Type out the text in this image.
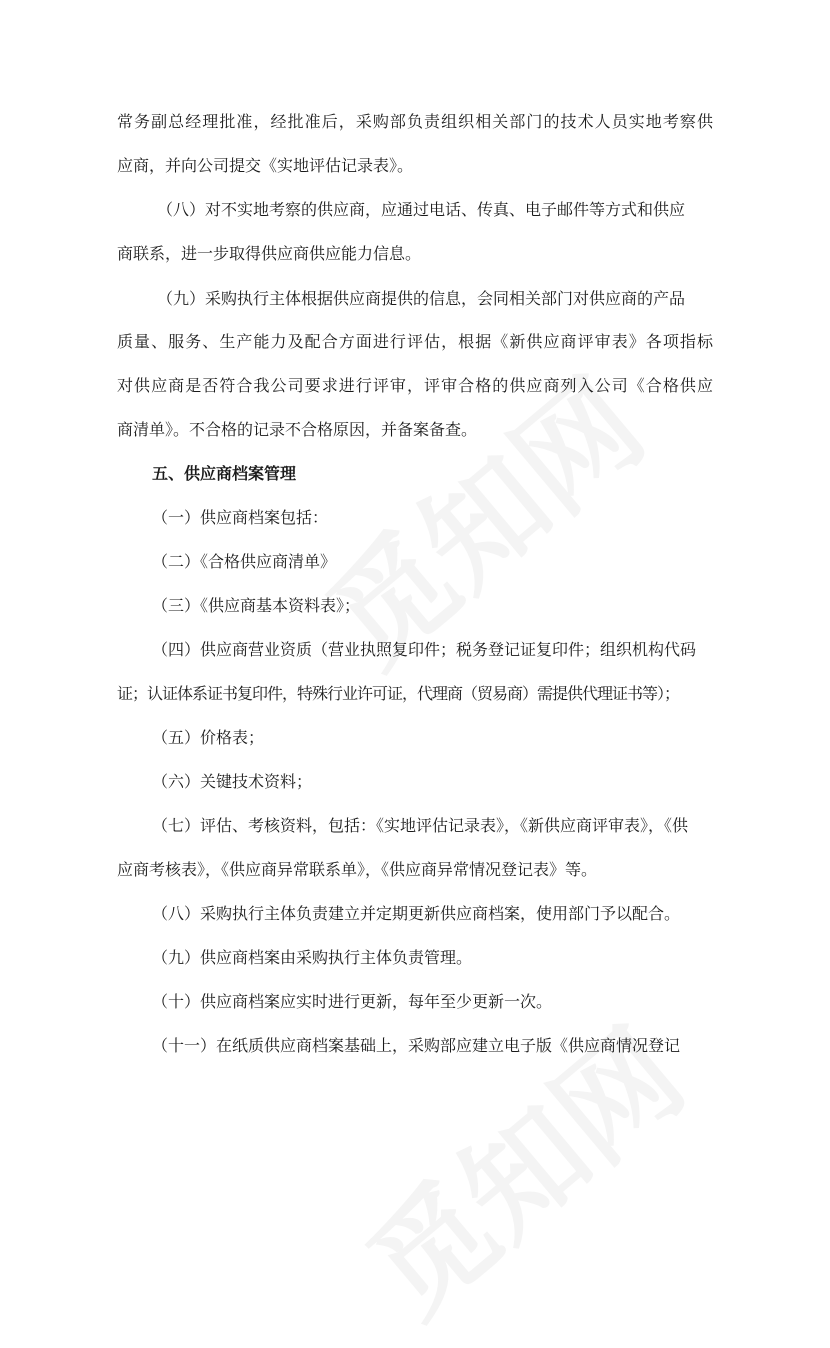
常务副总经理批准，经批准后，采购部负责组织相关部门的技术人员实地考察供
应商，并向公司提交《实地评估记录表》。
（八）对不实地考察的供应商，应通过电话、传真、电子邮件等方式和供应
商联系，进一步取得供应商供应能力信息。
（九）采购执行主体根据供应商提供的信息，会同相关部门对供应商的产品
质量、服务、生产能力及配合方面进行评估，根据《新供应商评审表》各项指标
对供应商是否符合我公司要求进行评审，评审合格的供应商列入公司《合格供应
商清单》。不合格的记录不合格原因，并备案备查。
五、供应商档案管理
（一）供应商档案包括：
（二）《合格供应商清单》
（三）《供应商基本资料表》；
（四）供应商营业资质（营业执照复印件；税务登记证复印件；组织机构代码
证；认证体系证书复印件，特殊行业许可证，代理商（贸易商）需提供代理证书等）；
（五）价格表；
（六）关键技术资料；
（七）评估、考核资料，包括：《实地评估记录表》，《新供应商评审表》，《供
应商考核表》，《供应商异常联系单》，《供应商异常情况登记表》等。
（八）采购执行主体负责建立并定期更新供应商档案，使用部门予以配合。
（九）供应商档案由采购执行主体负责管理。
（十）供应商档案应实时进行更新，每年至少更新一次。
（十一）在纸质供应商档案基础上，采购部应建立电子版《供应商情况登记
